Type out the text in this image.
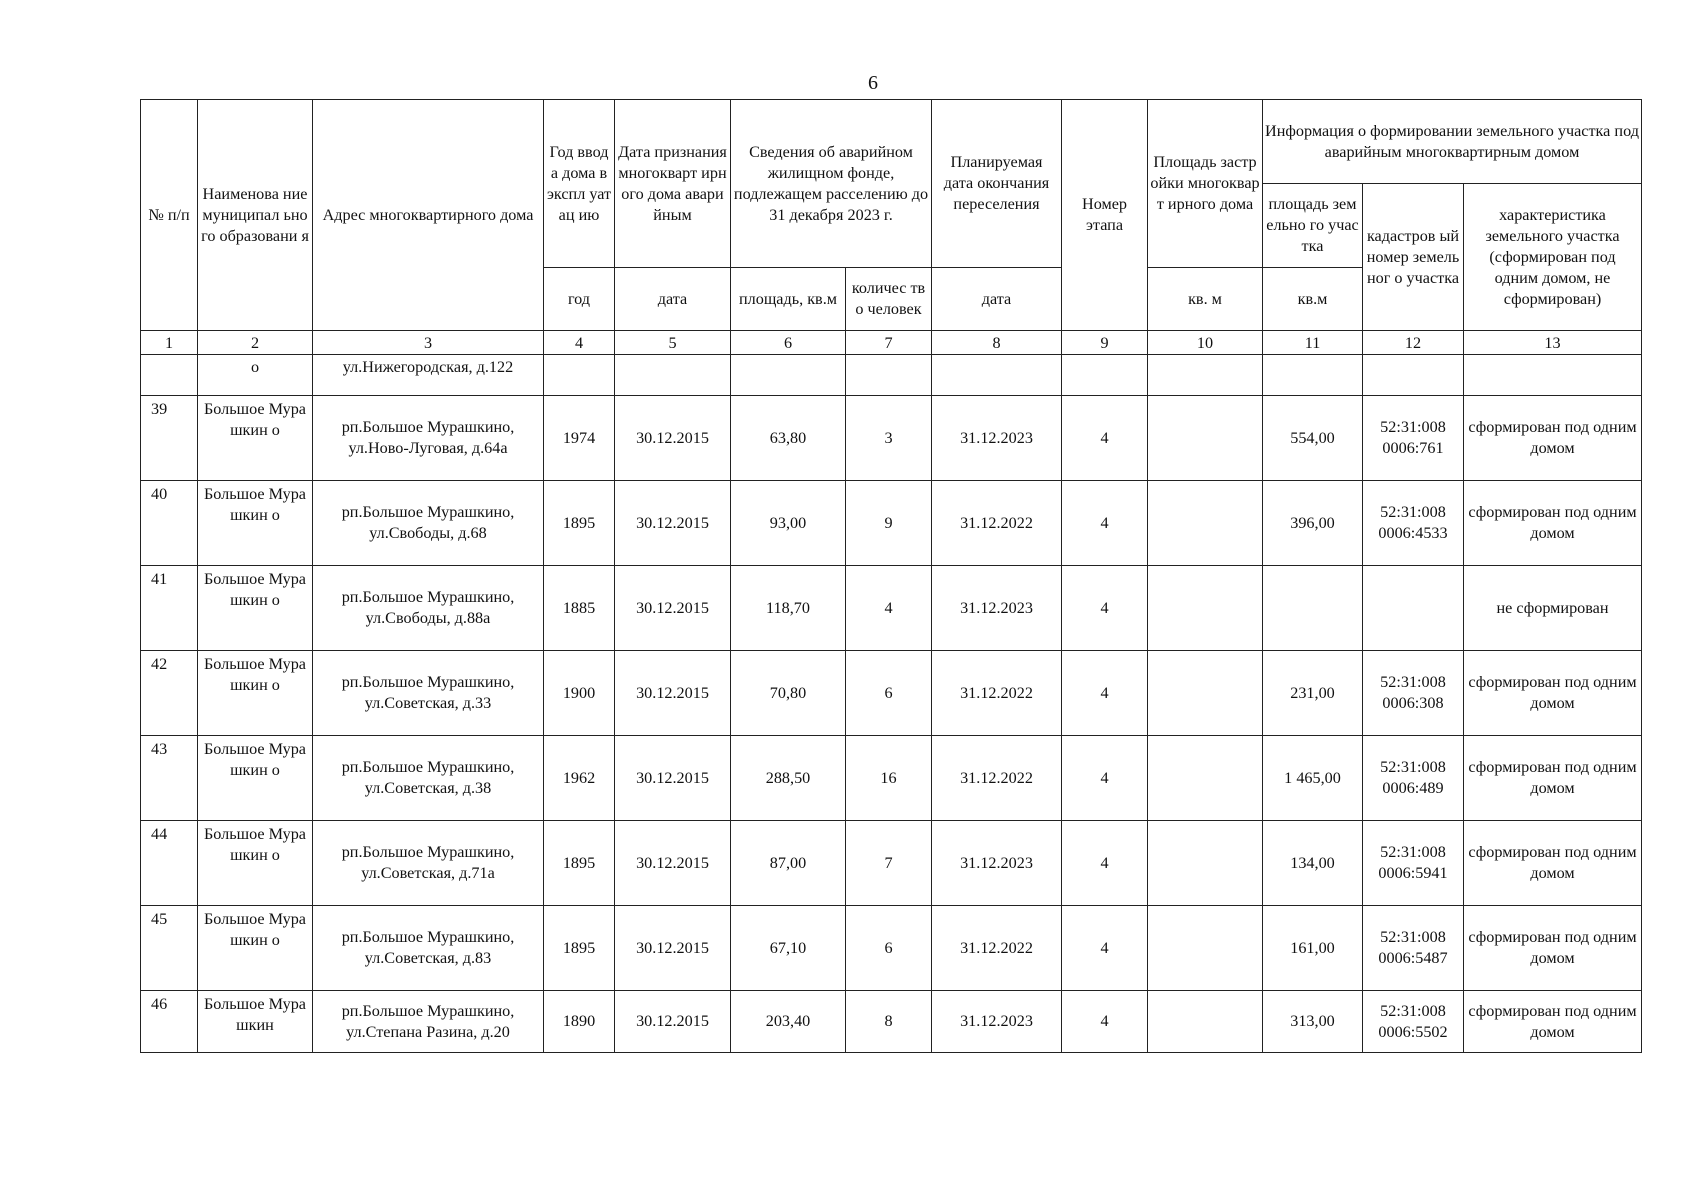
6
№ п/п	Наименова ние муниципал ьного образовани я	Адрес многоквартирного дома	Год ввода дома в экспл уатац ию	Дата признания многокварт ирного дома аварийным	Сведения об аварийном жилищном фонде, подлежащем расселению до 31 декабря 2023 г.		Планируемая дата окончания переселения	Номер этапа	Площадь застройки многокварт ирного дома	Информация о формировании земельного участка под аварийным многоквартирным домом		
										площадь земельно го участка	кадастров ый номер земельног о участка	характеристика земельного участка (сформирован под одним домом, не сформирован)
			год	дата	площадь, кв.м	количес тво человек	дата		кв. м	кв.м		
1	2	3	4	5	6	7	8	9	10	11	12	13
	о	ул.Нижегородская, д.122										
39	Большое Мурашкин о	рп.Большое Мурашкино, ул.Ново-Луговая, д.64а	1974	30.12.2015	63,80	3	31.12.2023	4		554,00	52:31:008 0006:761	сформирован под одним домом
40	Большое Мурашкин о	рп.Большое Мурашкино, ул.Свободы, д.68	1895	30.12.2015	93,00	9	31.12.2022	4		396,00	52:31:008 0006:4533	сформирован под одним домом
41	Большое Мурашкин о	рп.Большое Мурашкино, ул.Свободы, д.88а	1885	30.12.2015	118,70	4	31.12.2023	4				не сформирован
42	Большое Мурашкин о	рп.Большое Мурашкино, ул.Советская, д.33	1900	30.12.2015	70,80	6	31.12.2022	4		231,00	52:31:008 0006:308	сформирован под одним домом
43	Большое Мурашкин о	рп.Большое Мурашкино, ул.Советская, д.38	1962	30.12.2015	288,50	16	31.12.2022	4		1 465,00	52:31:008 0006:489	сформирован под одним домом
44	Большое Мурашкин о	рп.Большое Мурашкино, ул.Советская, д.71а	1895	30.12.2015	87,00	7	31.12.2023	4		134,00	52:31:008 0006:5941	сформирован под одним домом
45	Большое Мурашкин о	рп.Большое Мурашкино, ул.Советская, д.83	1895	30.12.2015	67,10	6	31.12.2022	4		161,00	52:31:008 0006:5487	сформирован под одним домом
46	Большое Мурашкин	рп.Большое Мурашкино, ул.Степана Разина, д.20	1890	30.12.2015	203,40	8	31.12.2023	4		313,00	52:31:008 0006:5502	сформирован под одним домом
